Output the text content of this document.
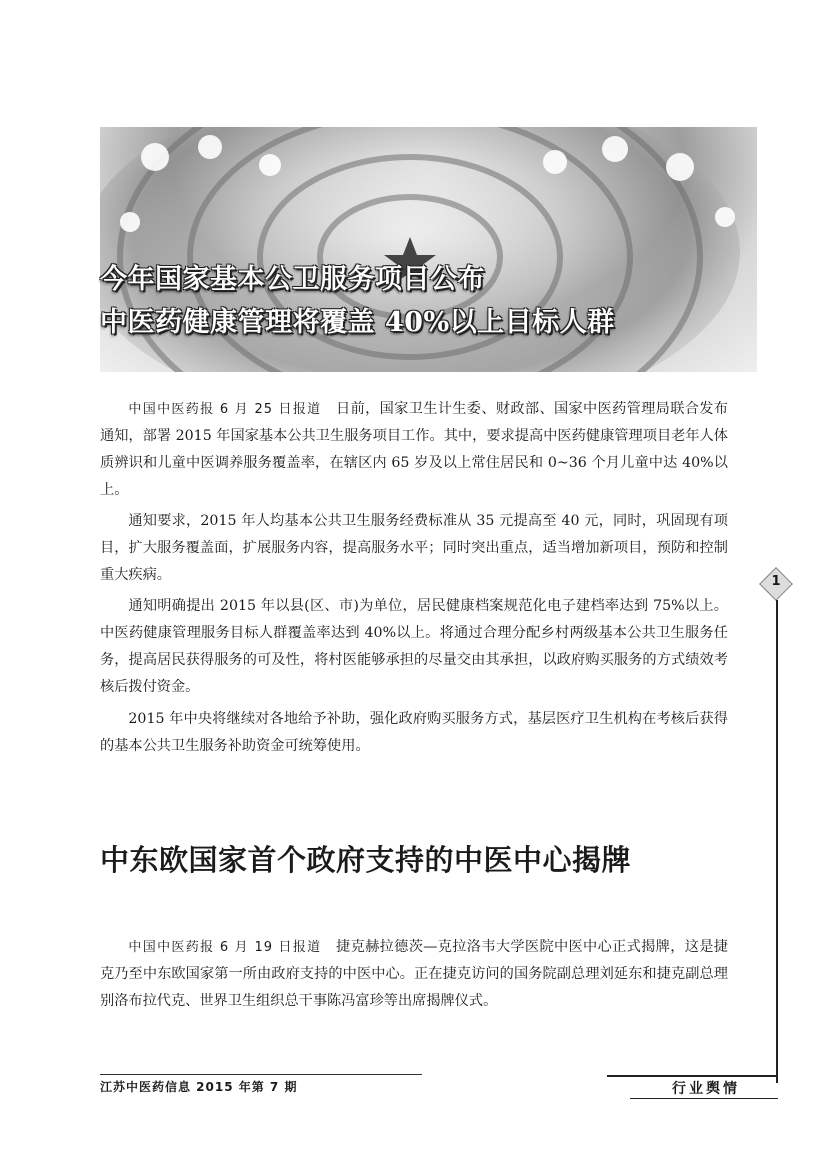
今年国家基本公卫服务项目公布
中医药健康管理将覆盖 40%以上目标人群

中国中医药报 6 月 25 日报道　 日前，国家卫生计生委、财政部、国家中医药管理局联合发布通知，部署 2015 年国家基本公共卫生服务项目工作。其中，要求提高中医药健康管理项目老年人体质辨识和儿童中医调养服务覆盖率，在辖区内 65 岁及以上常住居民和 0~36 个月儿童中达 40%以上。

通知要求，2015 年人均基本公共卫生服务经费标准从 35 元提高至 40 元，同时，巩固现有项目，扩大服务覆盖面，扩展服务内容，提高服务水平；同时突出重点，适当增加新项目，预防和控制重大疾病。

通知明确提出 2015 年以县(区、市)为单位，居民健康档案规范化电子建档率达到 75%以上。中医药健康管理服务目标人群覆盖率达到 40%以上。将通过合理分配乡村两级基本公共卫生服务任务，提高居民获得服务的可及性，将村医能够承担的尽量交由其承担，以政府购买服务的方式绩效考核后拨付资金。

2015 年中央将继续对各地给予补助，强化政府购买服务方式，基层医疗卫生机构在考核后获得的基本公共卫生服务补助资金可统筹使用。

中东欧国家首个政府支持的中医中心揭牌

中国中医药报 6 月 19 日报道　 捷克赫拉德茨—克拉洛韦大学医院中医中心正式揭牌，这是捷克乃至中东欧国家第一所由政府支持的中医中心。正在捷克访问的国务院副总理刘延东和捷克副总理别洛布拉代克、世界卫生组织总干事陈冯富珍等出席揭牌仪式。

1
江苏中医药信息 2015 年第 7 期	行业舆情
